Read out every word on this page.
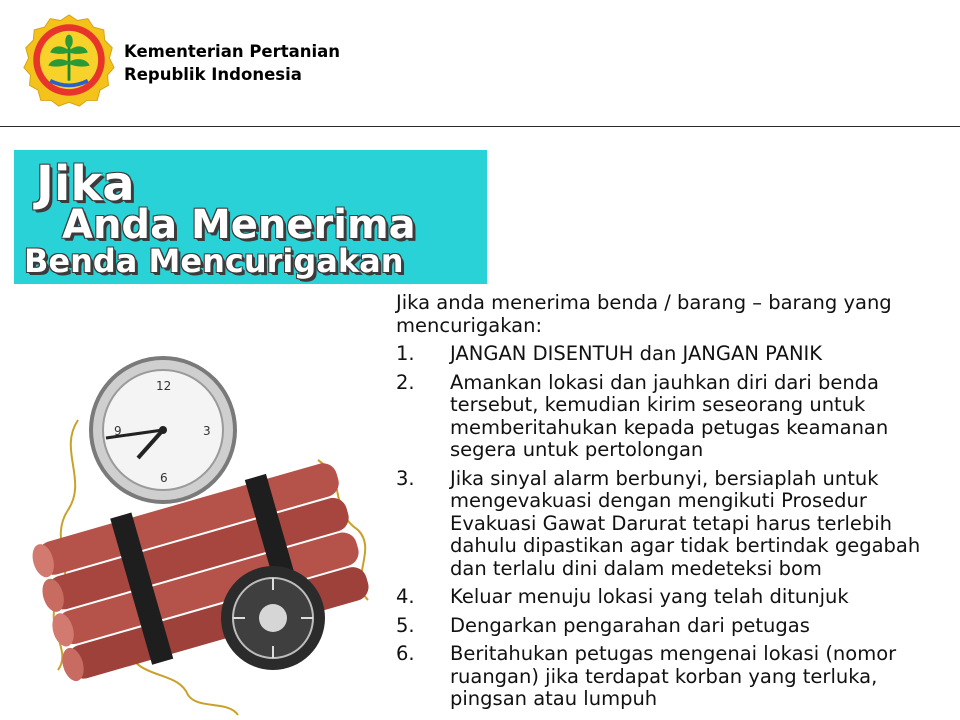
Kementerian Pertanian
Republik Indonesia
Jika
Anda Menerima
Benda Mencurigakan
12
3
6
9

Jika anda menerima benda / barang – barang yang mencurigakan:

1. JANGAN DISENTUH dan JANGAN PANIK
2. Amankan lokasi dan jauhkan diri dari benda tersebut, kemudian kirim seseorang untuk memberitahukan kepada petugas keamanan segera untuk pertolongan
3. Jika sinyal alarm berbunyi, bersiaplah untuk mengevakuasi dengan mengikuti Prosedur Evakuasi Gawat Darurat tetapi harus terlebih dahulu dipastikan agar tidak bertindak gegabah dan terlalu dini dalam medeteksi bom
4. Keluar menuju lokasi yang telah ditunjuk
5. Dengarkan pengarahan dari petugas
6. Beritahukan petugas mengenai lokasi (nomor ruangan) jika terdapat korban yang terluka, pingsan atau lumpuh
